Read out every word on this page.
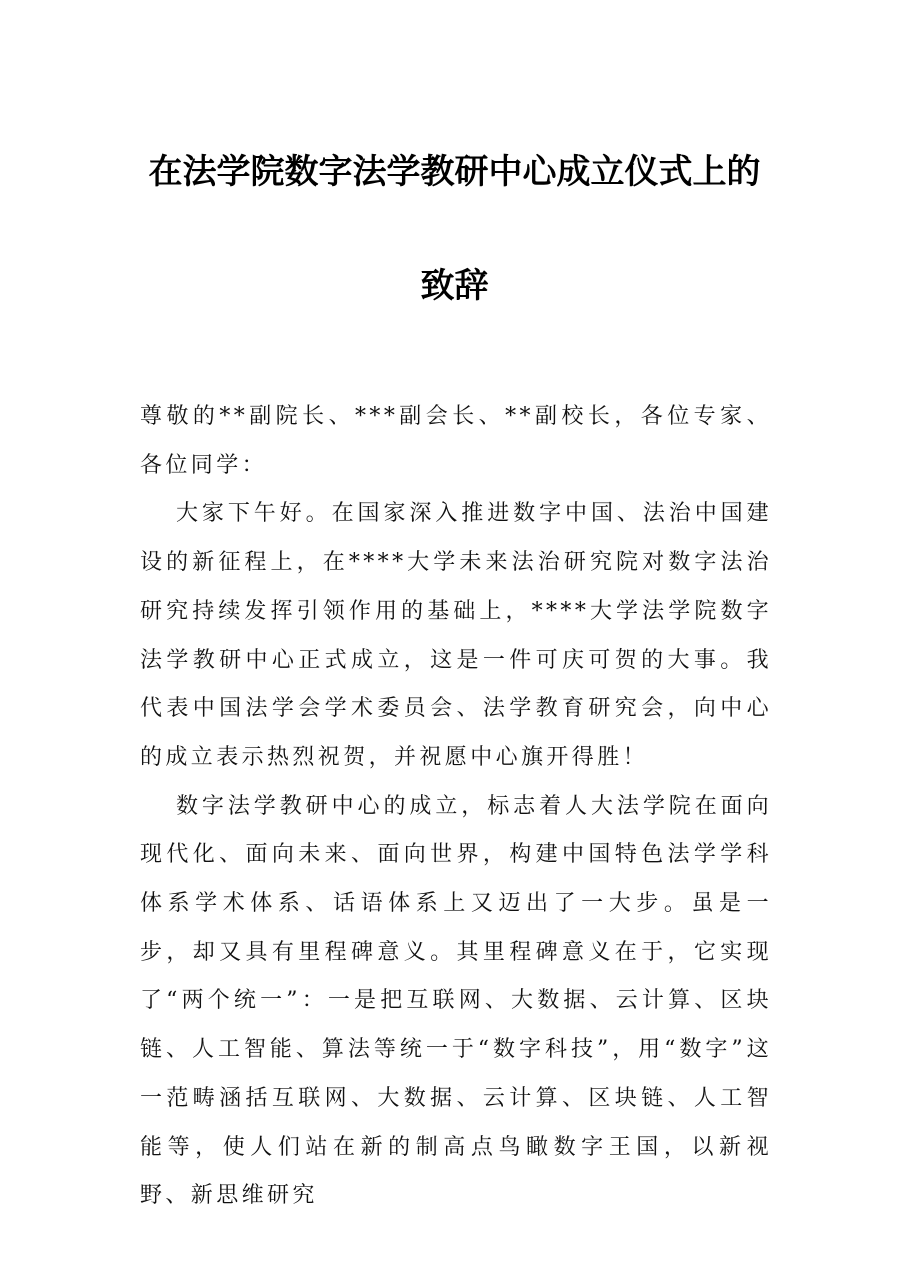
在法学院数字法学教研中心成立仪式上的
致辞

尊敬的**副院长、***副会长、**副校长，各位专家、各位同学：

大家下午好。在国家深入推进数字中国、法治中国建设的新征程上，在****大学未来法治研究院对数字法治研究持续发挥引领作用的基础上，****大学法学院数字法学教研中心正式成立，这是一件可庆可贺的大事。我代表中国法学会学术委员会、法学教育研究会，向中心的成立表示热烈祝贺，并祝愿中心旗开得胜！

数字法学教研中心的成立，标志着人大法学院在面向现代化、面向未来、面向世界，构建中国特色法学学科体系学术体系、话语体系上又迈出了一大步。虽是一步，却又具有里程碑意义。其里程碑意义在于，它实现了“两个统一”：一是把互联网、大数据、云计算、区块链、人工智能、算法等统一于“数字科技”，用“数字”这一范畴涵括互联网、大数据、云计算、区块链、人工智能等，使人们站在新的制高点鸟瞰数字王国，以新视野、新思维研究
